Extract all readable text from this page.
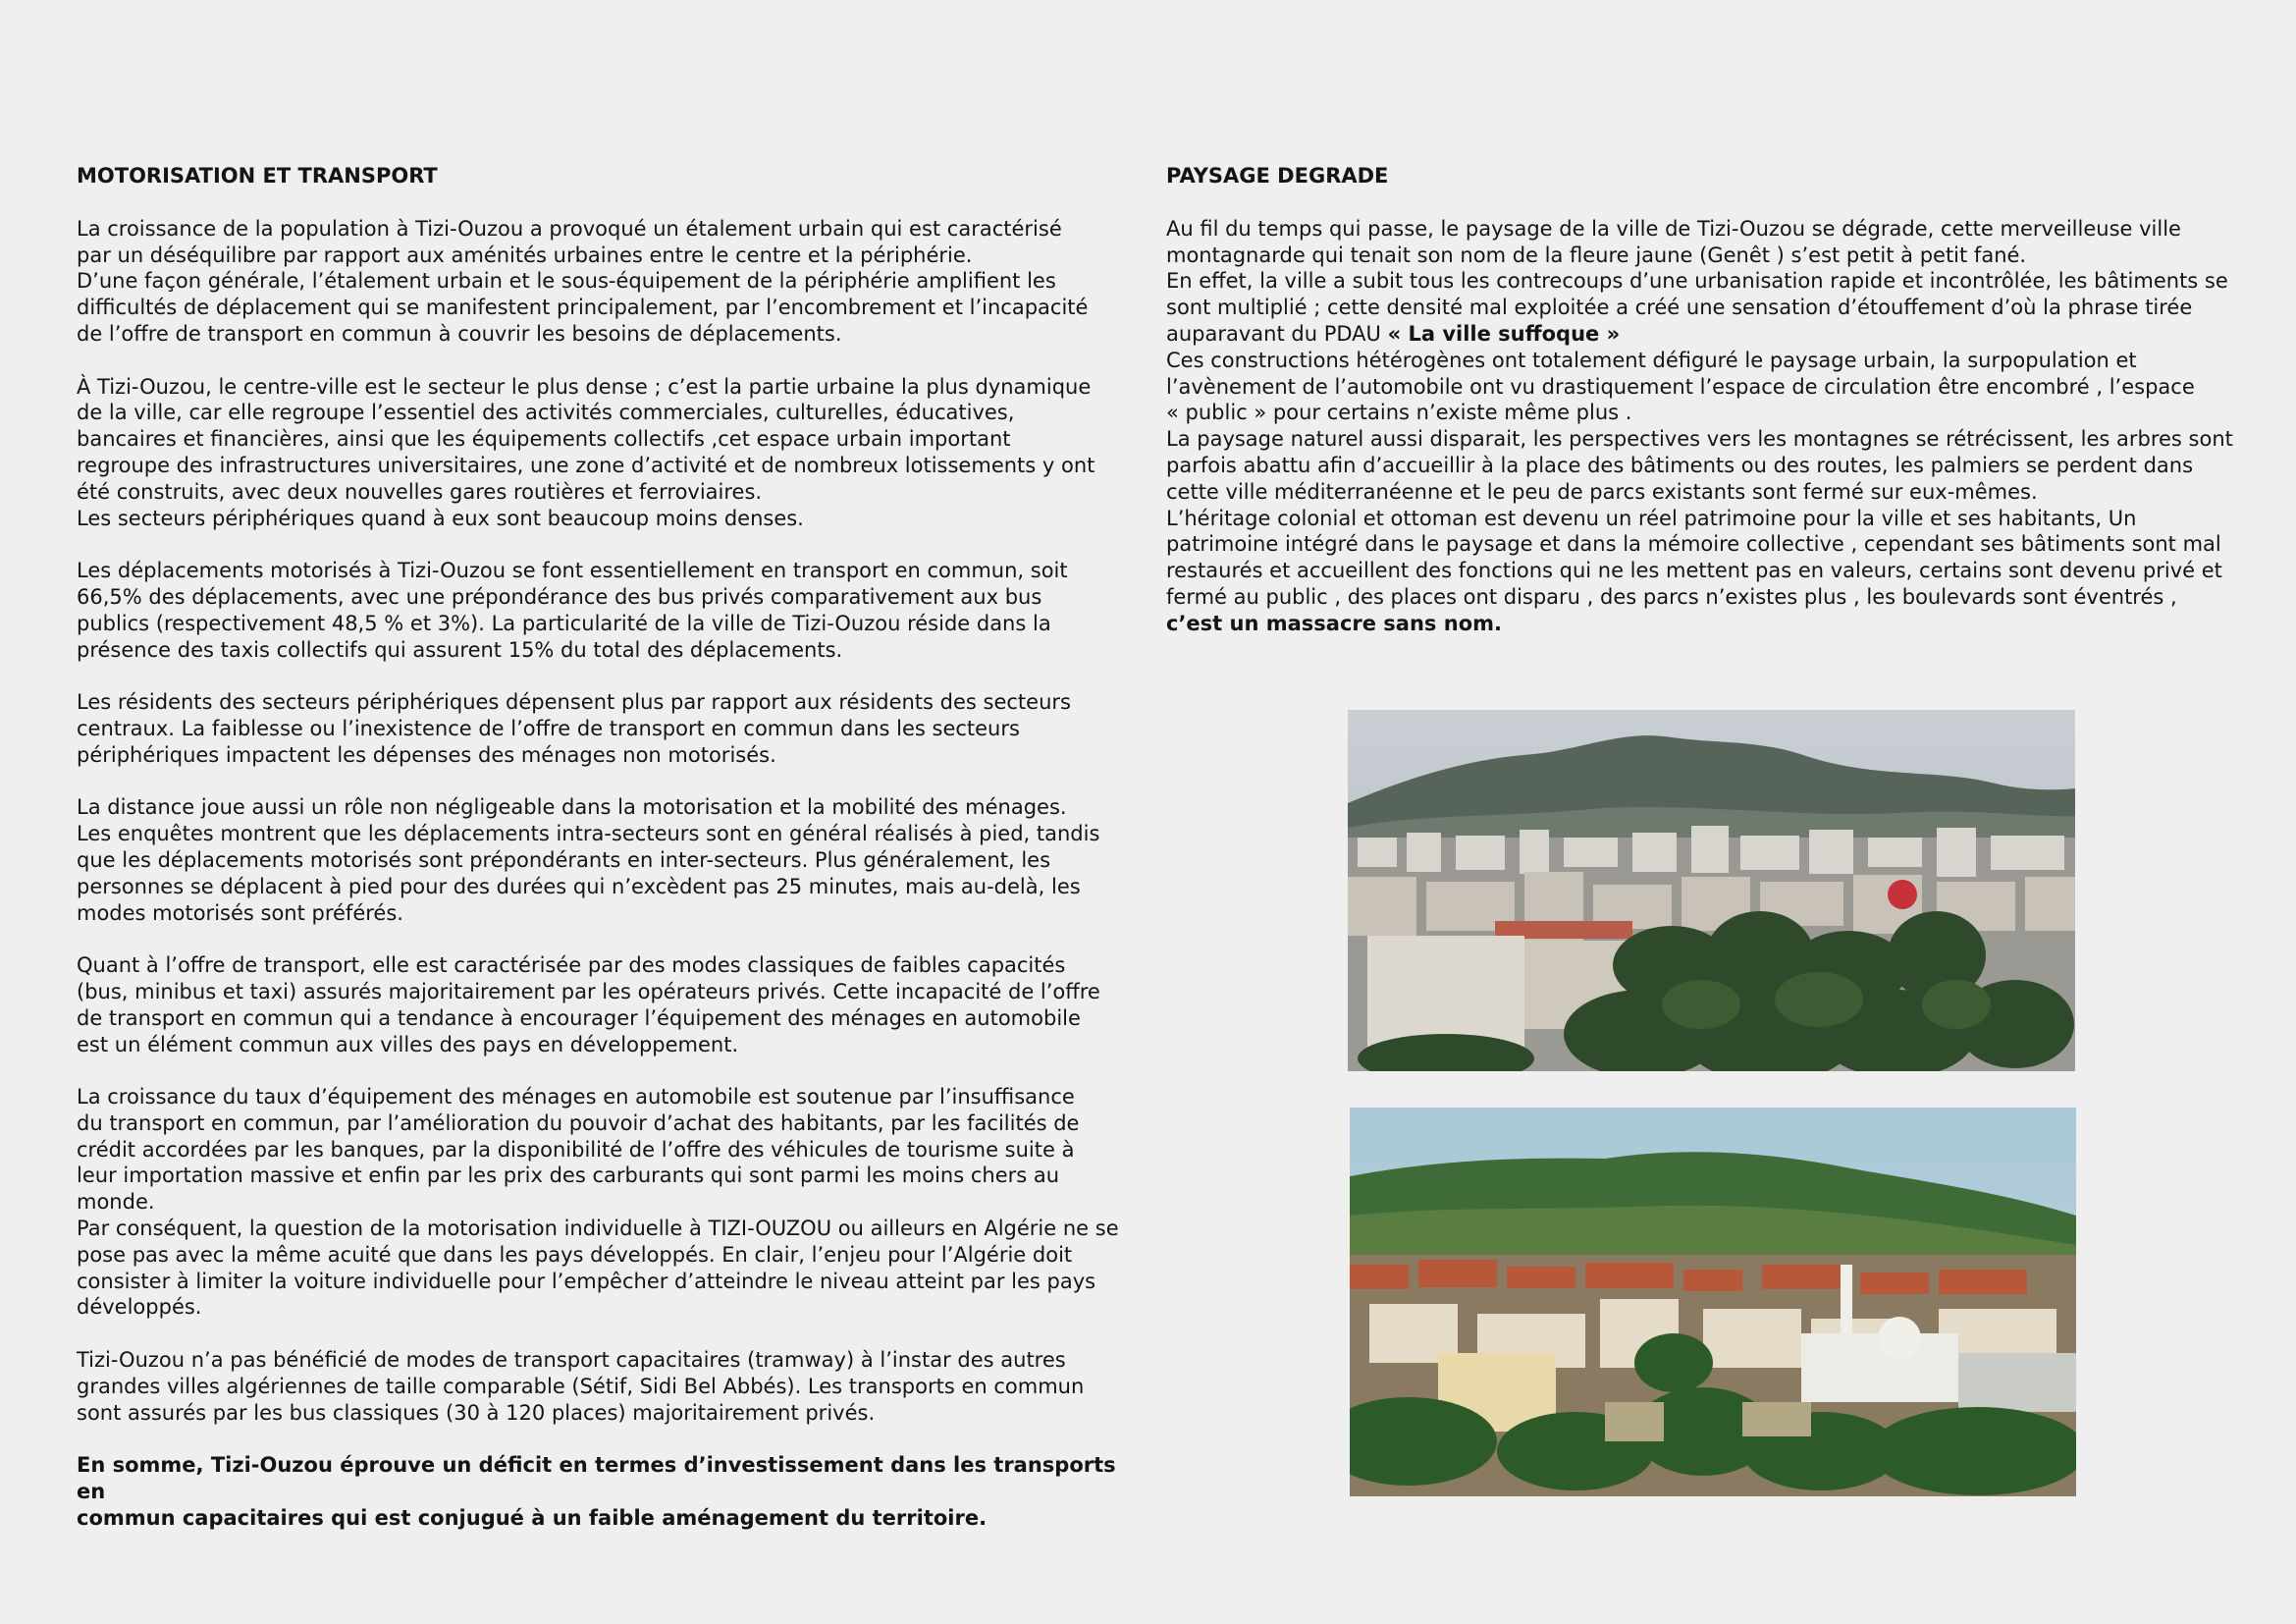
MOTORISATION ET TRANSPORT

La croissance de la population à Tizi-Ouzou a provoqué un étalement urbain qui est caractérisé
par un déséquilibre par rapport aux aménités urbaines entre le centre et la périphérie.
D’une façon générale, l’étalement urbain et le sous-équipement de la périphérie amplifient les
difficultés de déplacement qui se manifestent principalement, par l’encombrement et l’incapacité
de l’offre de transport en commun à couvrir les besoins de déplacements.

À Tizi-Ouzou, le centre-ville est le secteur le plus dense ; c’est la partie urbaine la plus dynamique
de la ville, car elle regroupe l’essentiel des activités commerciales, culturelles, éducatives,
bancaires et financières, ainsi que les équipements collectifs ,cet espace urbain important
regroupe des infrastructures universitaires, une zone d’activité et de nombreux lotissements y ont
été construits, avec deux nouvelles gares routières et ferroviaires.
Les secteurs périphériques quand à eux sont beaucoup moins denses.

Les déplacements motorisés à Tizi-Ouzou se font essentiellement en transport en commun, soit
66,5% des déplacements, avec une prépondérance des bus privés comparativement aux bus
publics (respectivement 48,5 % et 3%). La particularité de la ville de Tizi-Ouzou réside dans la
présence des taxis collectifs qui assurent 15% du total des déplacements.

Les résidents des secteurs périphériques dépensent plus par rapport aux résidents des secteurs
centraux. La faiblesse ou l’inexistence de l’offre de transport en commun dans les secteurs
périphériques impactent les dépenses des ménages non motorisés.

La distance joue aussi un rôle non négligeable dans la motorisation et la mobilité des ménages.
Les enquêtes montrent que les déplacements intra-secteurs sont en général réalisés à pied, tandis
que les déplacements motorisés sont prépondérants en inter-secteurs. Plus généralement, les
personnes se déplacent à pied pour des durées qui n’excèdent pas 25 minutes, mais au-delà, les
modes motorisés sont préférés.

Quant à l’offre de transport, elle est caractérisée par des modes classiques de faibles capacités
(bus, minibus et taxi) assurés majoritairement par les opérateurs privés. Cette incapacité de l’offre
de transport en commun qui a tendance à encourager l’équipement des ménages en automobile
est un élément commun aux villes des pays en développement.

La croissance du taux d’équipement des ménages en automobile est soutenue par l’insuffisance
du transport en commun, par l’amélioration du pouvoir d’achat des habitants, par les facilités de
crédit accordées par les banques, par la disponibilité de l’offre des véhicules de tourisme suite à
leur importation massive et enfin par les prix des carburants qui sont parmi les moins chers au
monde.
Par conséquent, la question de la motorisation individuelle à TIZI-OUZOU ou ailleurs en Algérie ne se
pose pas avec la même acuité que dans les pays développés. En clair, l’enjeu pour l’Algérie doit
consister à limiter la voiture individuelle pour l’empêcher d’atteindre le niveau atteint par les pays
développés.

Tizi-Ouzou n’a pas bénéficié de modes de transport capacitaires (tramway) à l’instar des autres
grandes villes algériennes de taille comparable (Sétif, Sidi Bel Abbés). Les transports en commun
sont assurés par les bus classiques (30 à 120 places) majoritairement privés.

En somme, Tizi-Ouzou éprouve un déficit en termes d’investissement dans les transports en
commun capacitaires qui est conjugué à un faible aménagement du territoire.

PAYSAGE DEGRADE

Au fil du temps qui passe, le paysage de la ville de Tizi-Ouzou se dégrade, cette merveilleuse ville
montagnarde qui tenait son nom de la fleure jaune (Genêt ) s’est petit à petit fané.
En effet, la ville a subit tous les contrecoups d’une urbanisation rapide et incontrôlée, les bâtiments se
sont multiplié ; cette densité mal exploitée a créé une sensation d’étouffement d’où la phrase tirée
auparavant du PDAU « La ville suffoque »

Ces constructions hétérogènes ont totalement défiguré le paysage urbain, la surpopulation et
l’avènement de l’automobile ont vu drastiquement l’espace de circulation être encombré , l’espace
« public » pour certains n’existe même plus .
La paysage naturel aussi disparait, les perspectives vers les montagnes se rétrécissent, les arbres sont
parfois abattu afin d’accueillir à la place des bâtiments ou des routes, les palmiers se perdent dans
cette ville méditerranéenne et le peu de parcs existants sont fermé sur eux-mêmes.
L’héritage colonial et ottoman est devenu un réel patrimoine pour la ville et ses habitants, Un
patrimoine intégré dans le paysage et dans la mémoire collective , cependant ses bâtiments sont mal
restaurés et accueillent des fonctions qui ne les mettent pas en valeurs, certains sont devenu privé et
fermé au public , des places ont disparu , des parcs n’existes plus , les boulevards sont éventrés ,

c’est un massacre sans nom.
